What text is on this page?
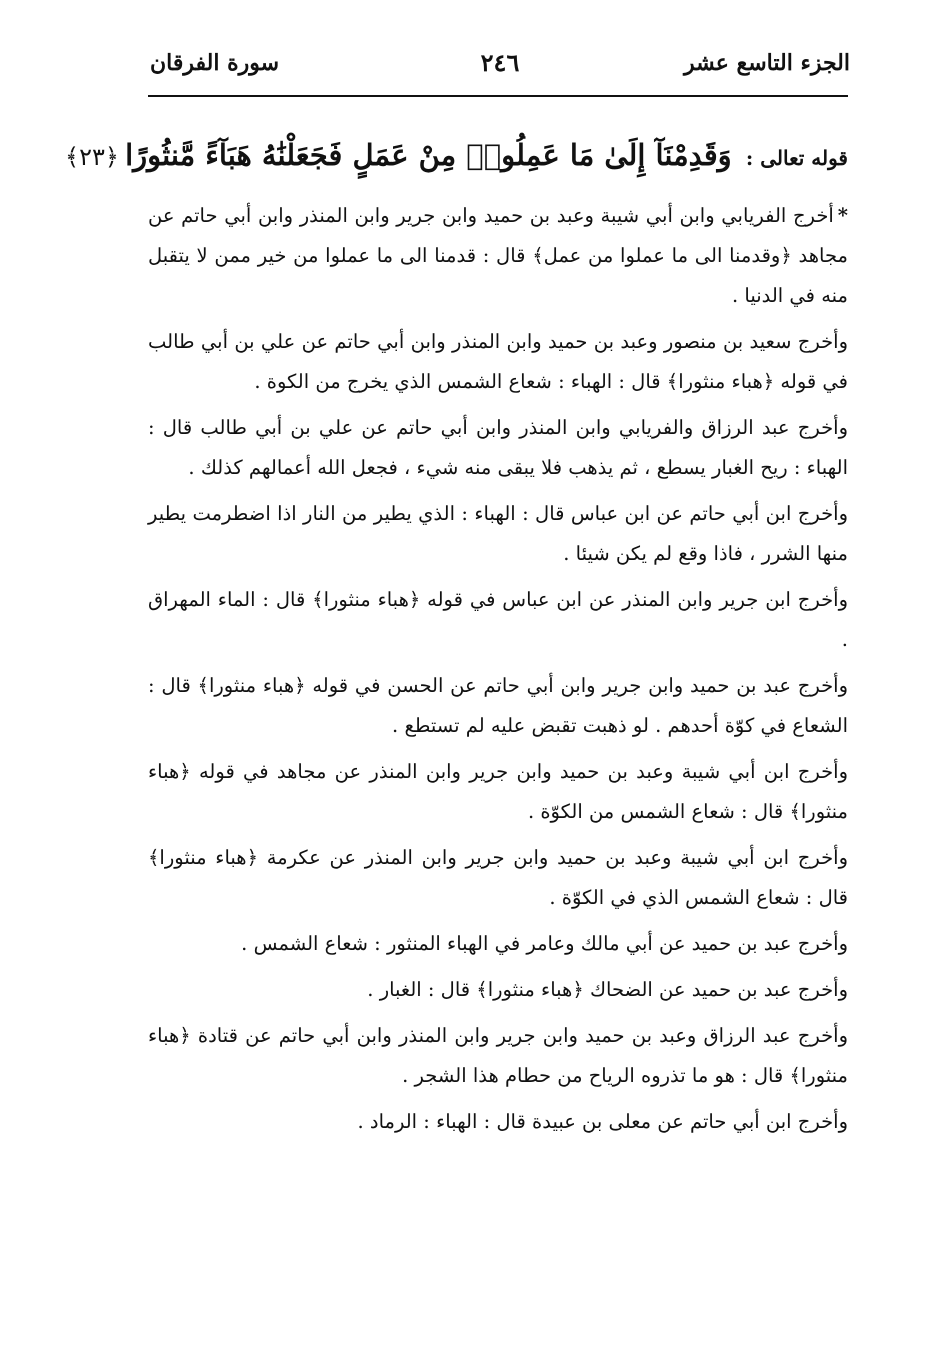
الجزء التاسع عشر
٢٤٦
سورة الفرقان
قوله تعالى : وَقَدِمْنَآ إِلَىٰ مَا عَمِلُوا۟ مِنْ عَمَلٍ فَجَعَلْنَٰهُ هَبَآءً مَّنثُورًا ﴿٢٣﴾

*أخرج الفريابي وابن أبي شيبة وعبد بن حميد وابن جرير وابن المنذر وابن أبي حاتم عن مجاهد ﴿وقدمنا الى ما عملوا من عمل﴾ قال : قدمنا الى ما عملوا من خير ممن لا يتقبل منه في الدنيا .

وأخرج سعيد بن منصور وعبد بن حميد وابن المنذر وابن أبي حاتم عن علي بن أبي طالب في قوله ﴿هباء منثورا﴾ قال : الهباء : شعاع الشمس الذي يخرج من الكوة .

وأخرج عبد الرزاق والفريابي وابن المنذر وابن أبي حاتم عن علي بن أبي طالب قال : الهباء : ريح الغبار يسطع ، ثم يذهب فلا يبقى منه شيء ، فجعل الله أعمالهم كذلك .

وأخرج ابن أبي حاتم عن ابن عباس قال : الهباء : الذي يطير من النار اذا اضطرمت يطير منها الشرر ، فاذا وقع لم يكن شيئا .

وأخرج ابن جرير وابن المنذر عن ابن عباس في قوله ﴿هباء منثورا﴾ قال : الماء المهراق .

وأخرج عبد بن حميد وابن جرير وابن أبي حاتم عن الحسن في قوله ﴿هباء منثورا﴾ قال : الشعاع في كوّة أحدهم . لو ذهبت تقبض عليه لم تستطع .

وأخرج ابن أبي شيبة وعبد بن حميد وابن جرير وابن المنذر عن مجاهد في قوله ﴿هباء منثورا﴾ قال : شعاع الشمس من الكوّة .

وأخرج ابن أبي شيبة وعبد بن حميد وابن جرير وابن المنذر عن عكرمة ﴿هباء منثورا﴾ قال : شعاع الشمس الذي في الكوّة .

وأخرج عبد بن حميد عن أبي مالك وعامر في الهباء المنثور : شعاع الشمس .

وأخرج عبد بن حميد عن الضحاك ﴿هباء منثورا﴾ قال : الغبار .

وأخرج عبد الرزاق وعبد بن حميد وابن جرير وابن المنذر وابن أبي حاتم عن قتادة ﴿هباء منثورا﴾ قال : هو ما تذروه الرياح من حطام هذا الشجر .

وأخرج ابن أبي حاتم عن معلى بن عبيدة قال : الهباء : الرماد .
